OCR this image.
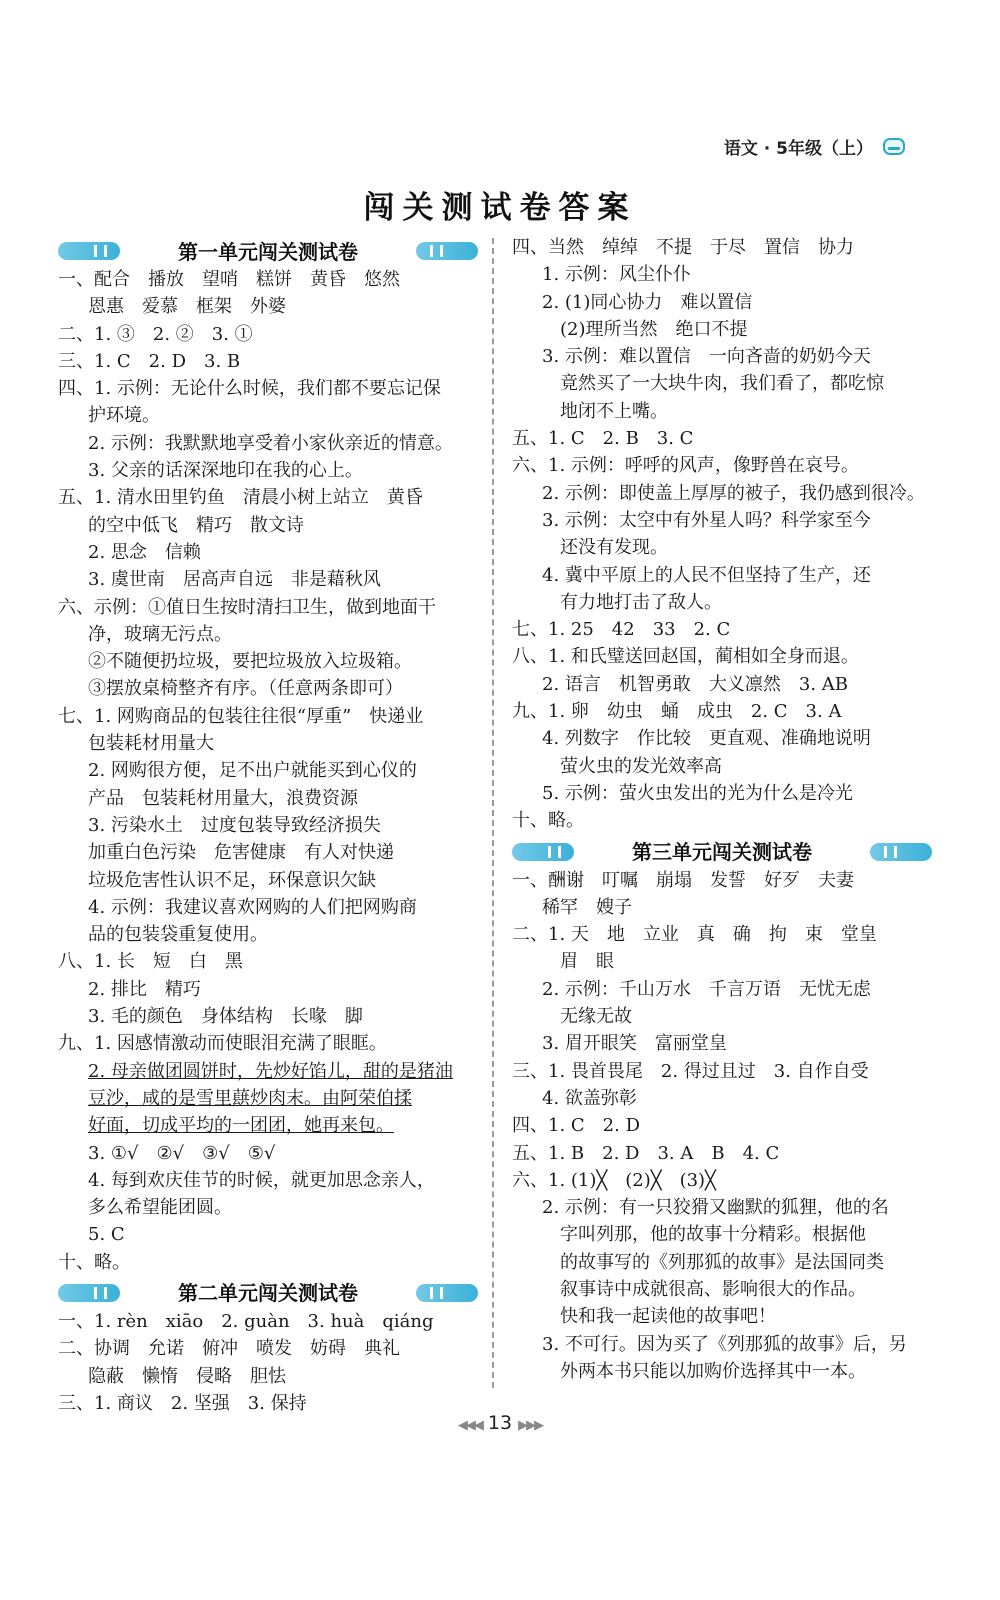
语文 · 5年级（上）
闯关测试卷答案
第一单元闯关测试卷
一、配合　播放　望哨　糕饼　黄昏　悠然
恩惠　爱慕　框架　外婆
二、1. ③　2. ②　3. ①
三、1. C　2. D　3. B
四、1. 示例：无论什么时候，我们都不要忘记保
护环境。
2. 示例：我默默地享受着小家伙亲近的情意。
3. 父亲的话深深地印在我的心上。
五、1. 清水田里钓鱼　清晨小树上站立　黄昏
的空中低飞　精巧　散文诗
2. 思念　信赖
3. 虞世南　居高声自远　非是藉秋风
六、示例：①值日生按时清扫卫生，做到地面干
净，玻璃无污点。
②不随便扔垃圾，要把垃圾放入垃圾箱。
③摆放桌椅整齐有序。（任意两条即可）
七、1. 网购商品的包装往往很“厚重”　快递业
包装耗材用量大
2. 网购很方便，足不出户就能买到心仪的
产品　包装耗材用量大，浪费资源
3. 污染水土　过度包装导致经济损失
加重白色污染　危害健康　有人对快递
垃圾危害性认识不足，环保意识欠缺
4. 示例：我建议喜欢网购的人们把网购商
品的包装袋重复使用。
八、1. 长　短　白　黑
2. 排比　精巧
3. 毛的颜色　身体结构　长喙　脚
九、1. 因感情激动而使眼泪充满了眼眶。
2. 母亲做团圆饼时，先炒好馅儿，甜的是猪油
豆沙，咸的是雪里蕻炒肉末。由阿荣伯揉
好面，切成平均的一团团，她再来包。
3. ①√　②√　③√　⑤√
4. 每到欢庆佳节的时候，就更加思念亲人，
多么希望能团圆。
5. C
十、略。
第二单元闯关测试卷
一、1. rèn　xiāo　2. guàn　3. huà　qiáng
二、协调　允诺　俯冲　喷发　妨碍　典礼
隐蔽　懒惰　侵略　胆怯
三、1. 商议　2. 坚强　3. 保持
四、当然　绰绰　不提　于尽　置信　协力
1. 示例：风尘仆仆
2. (1)同心协力　难以置信
(2)理所当然　绝口不提
3. 示例：难以置信　一向吝啬的奶奶今天
竟然买了一大块牛肉，我们看了，都吃惊
地闭不上嘴。
五、1. C　2. B　3. C
六、1. 示例：呼呼的风声，像野兽在哀号。
2. 示例：即使盖上厚厚的被子，我仍感到很冷。
3. 示例：太空中有外星人吗？科学家至今
还没有发现。
4. 冀中平原上的人民不但坚持了生产，还
有力地打击了敌人。
七、1. 25　42　33　2. C
八、1. 和氏璧送回赵国，蔺相如全身而退。
2. 语言　机智勇敢　大义凛然　3. AB
九、1. 卵　幼虫　蛹　成虫　2. C　3. A
4. 列数字　作比较　更直观、准确地说明
萤火虫的发光效率高
5. 示例：萤火虫发出的光为什么是冷光
十、略。
第三单元闯关测试卷
一、酬谢　叮嘱　崩塌　发誓　好歹　夫妻
稀罕　嫂子
二、1. 天　地　立业　真　确　拘　束　堂皇
眉　眼
2. 示例：千山万水　千言万语　无忧无虑
无缘无故
3. 眉开眼笑　富丽堂皇
三、1. 畏首畏尾　2. 得过且过　3. 自作自受
4. 欲盖弥彰
四、1. C　2. D
五、1. B　2. D　3. A　B　4. C
六、1. (1)╳　(2)╳　(3)╳
2. 示例：有一只狡猾又幽默的狐狸，他的名
字叫列那，他的故事十分精彩。根据他
的故事写的《列那狐的故事》是法国同类
叙事诗中成就很高、影响很大的作品。
快和我一起读他的故事吧！
3. 不可行。因为买了《列那狐的故事》后，另
外两本书只能以加购价选择其中一本。
◀◀◀ 13 ▶▶▶
